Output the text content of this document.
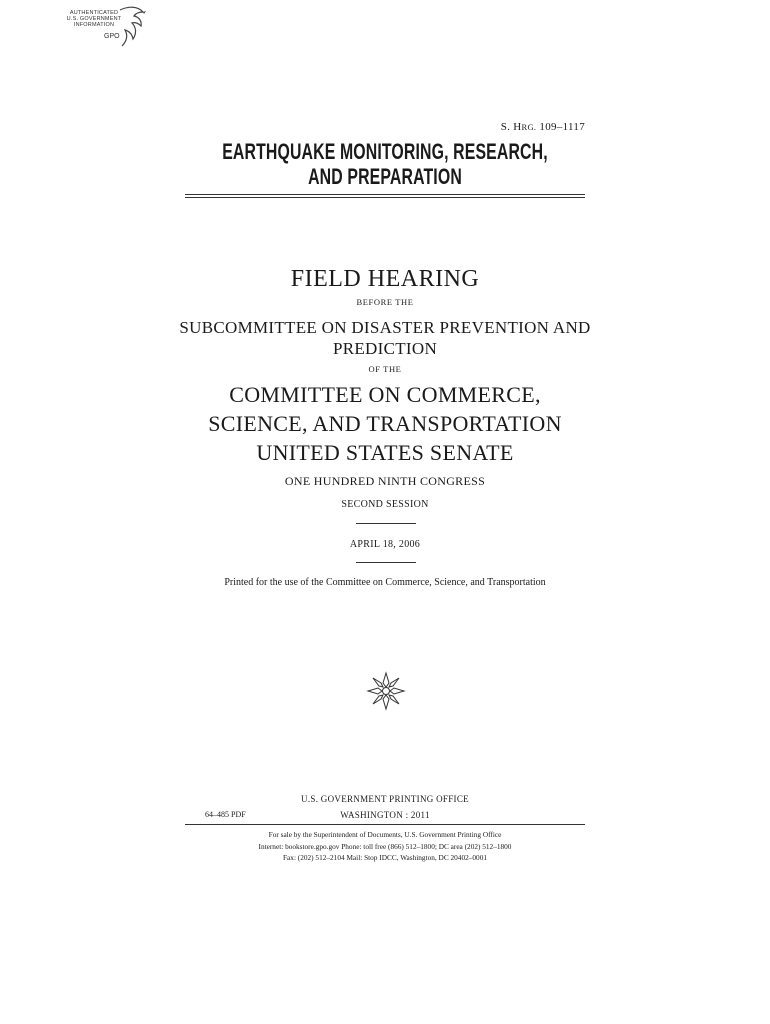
AUTHENTICATED
U.S. GOVERNMENT
INFORMATION
GPO
S. HRG. 109–1117
EARTHQUAKE MONITORING, RESEARCH,
AND PREPARATION
FIELD HEARING
BEFORE THE
SUBCOMMITTEE ON DISASTER PREVENTION AND
PREDICTION
OF THE
COMMITTEE ON COMMERCE,
SCIENCE, AND TRANSPORTATION
UNITED STATES SENATE
ONE HUNDRED NINTH CONGRESS
SECOND SESSION
APRIL 18, 2006
Printed for the use of the Committee on Commerce, Science, and Transportation
U.S. GOVERNMENT PRINTING OFFICE
64–485 PDF	WASHINGTON : 2011
For sale by the Superintendent of Documents, U.S. Government Printing Office
Internet: bookstore.gpo.gov Phone: toll free (866) 512–1800; DC area (202) 512–1800
Fax: (202) 512–2104 Mail: Stop IDCC, Washington, DC 20402–0001
